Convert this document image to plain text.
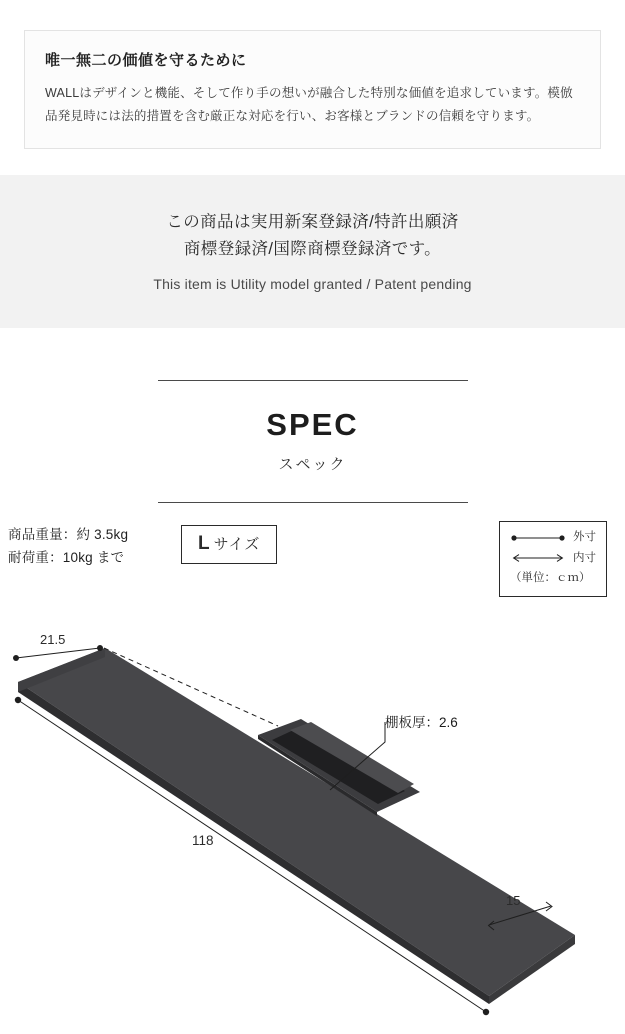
唯一無二の価値を守るために

WALLはデザインと機能、そして作り手の想いが融合した特別な価値を追求しています。模倣品発見時には法的措置を含む厳正な対応を行い、お客様とブランドの信頼を守ります。

この商品は実用新案登録済/特許出願済
商標登録済/国際商標登録済です。
This item is Utility model granted / Patent pending
SPEC
スペック
商品重量：約 3.5kg
耐荷重：10kg まで
L サイズ	外寸
内寸
（単位：ｃｍ）
棚板厚：2.6
21.5
118
15
